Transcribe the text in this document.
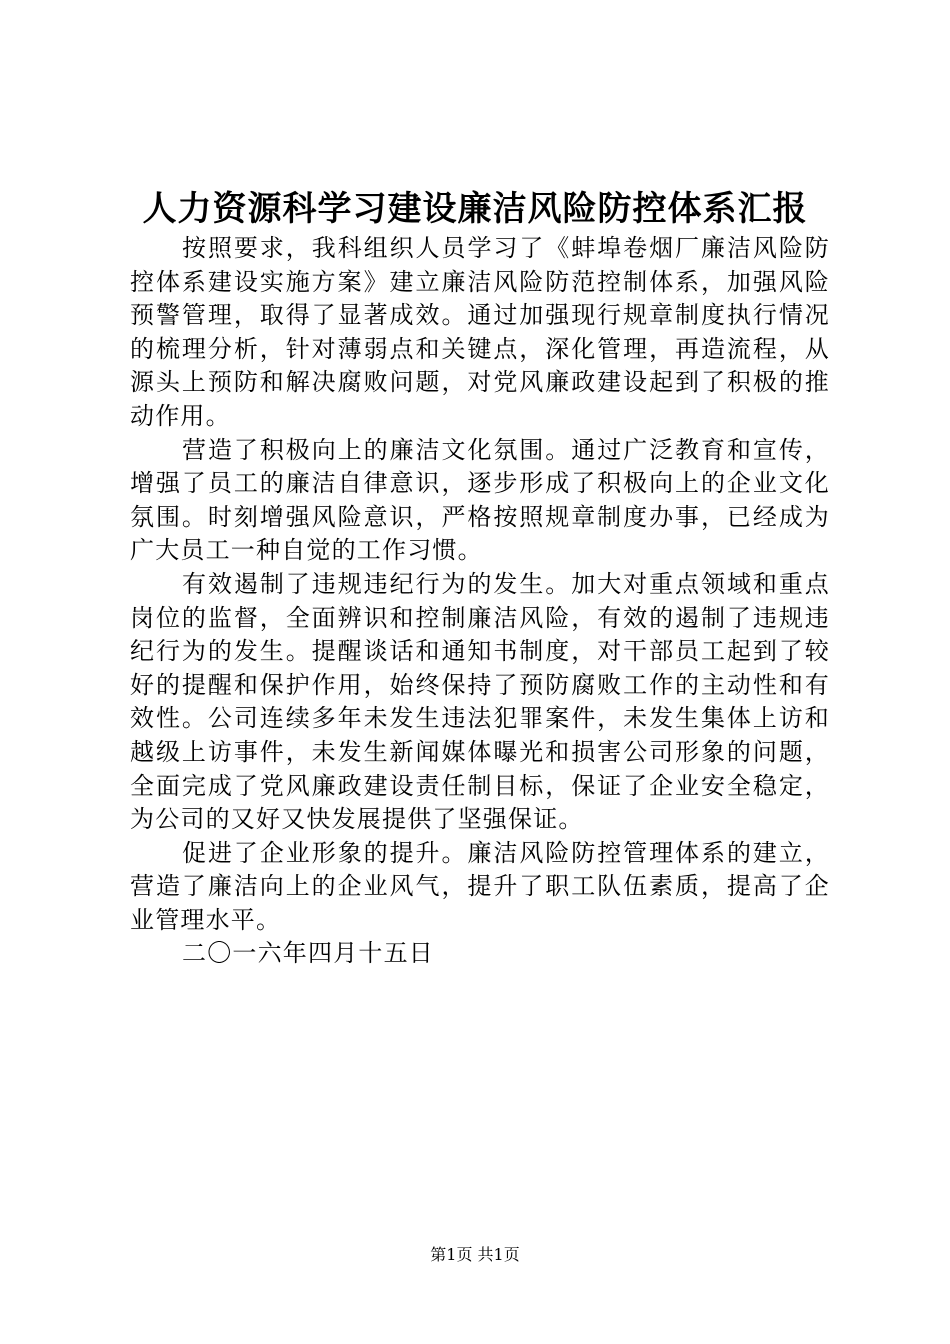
人力资源科学习建设廉洁风险防控体系汇报

按照要求，我科组织人员学习了《蚌埠卷烟厂廉洁风险防控体系建设实施方案》建立廉洁风险防范控制体系，加强风险预警管理，取得了显著成效。通过加强现行规章制度执行情况的梳理分析，针对薄弱点和关键点，深化管理，再造流程，从源头上预防和解决腐败问题，对党风廉政建设起到了积极的推动作用。

营造了积极向上的廉洁文化氛围。通过广泛教育和宣传，增强了员工的廉洁自律意识，逐步形成了积极向上的企业文化氛围。时刻增强风险意识，严格按照规章制度办事，已经成为广大员工一种自觉的工作习惯。

有效遏制了违规违纪行为的发生。加大对重点领域和重点岗位的监督，全面辨识和控制廉洁风险，有效的遏制了违规违纪行为的发生。提醒谈话和通知书制度，对干部员工起到了较好的提醒和保护作用，始终保持了预防腐败工作的主动性和有效性。公司连续多年未发生违法犯罪案件，未发生集体上访和越级上访事件，未发生新闻媒体曝光和损害公司形象的问题，全面完成了党风廉政建设责任制目标，保证了企业安全稳定，为公司的又好又快发展提供了坚强保证。

促进了企业形象的提升。廉洁风险防控管理体系的建立，营造了廉洁向上的企业风气，提升了职工队伍素质，提高了企业管理水平。

二〇一六年四月十五日

第1页 共1页
